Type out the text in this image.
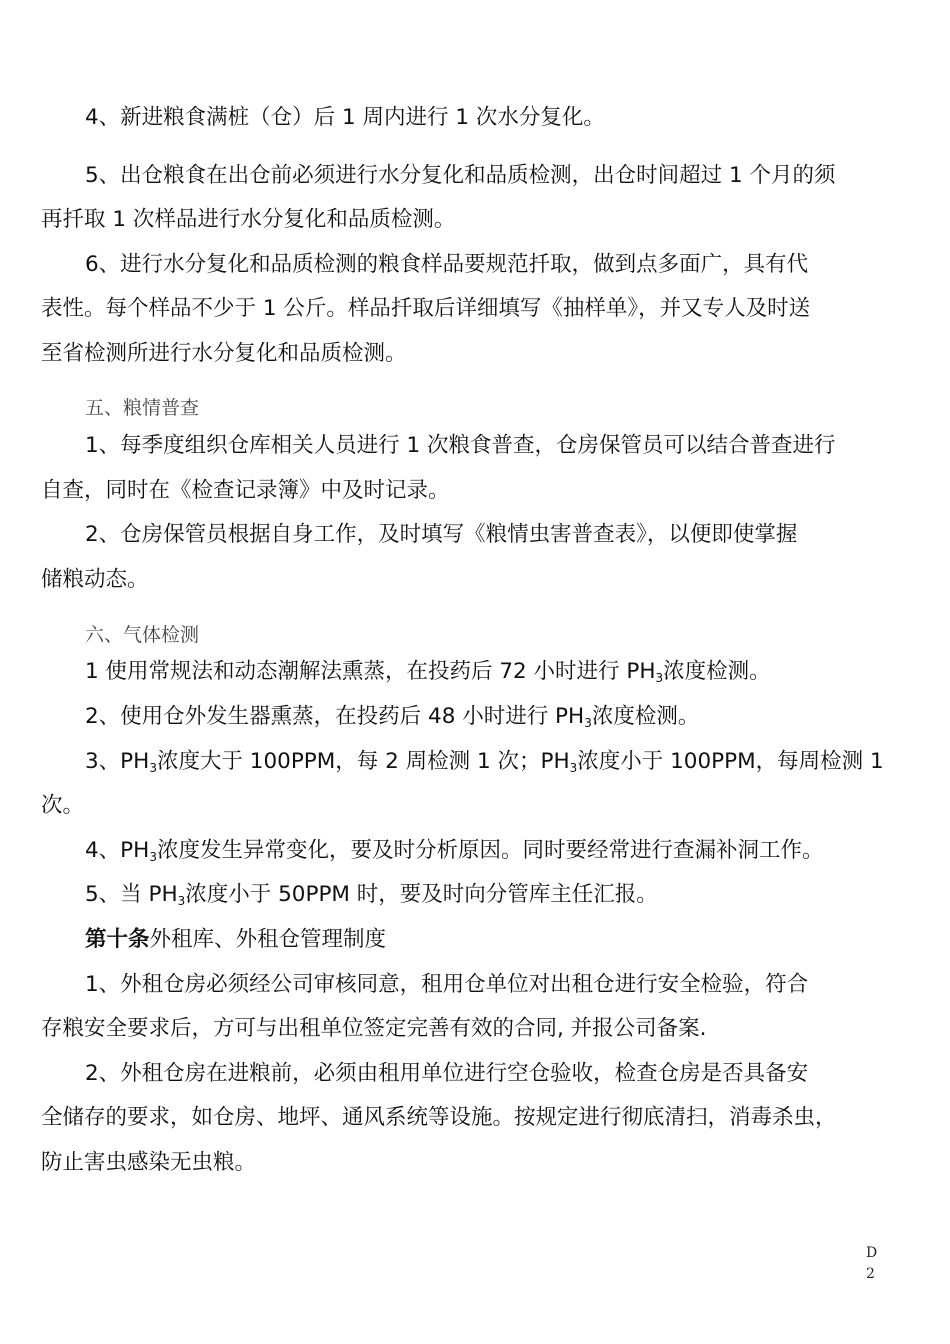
4、新进粮食满桩（仓）后 1 周内进行 1 次水分复化。
5、出仓粮食在出仓前必须进行水分复化和品质检测，出仓时间超过 1 个月的须
再扦取 1 次样品进行水分复化和品质检测。
6、进行水分复化和品质检测的粮食样品要规范扦取，做到点多面广，具有代
表性。每个样品不少于 1 公斤。样品扦取后详细填写《抽样单》，并又专人及时送
至省检测所进行水分复化和品质检测。
五、粮情普查
1、每季度组织仓库相关人员进行 1 次粮食普查，仓房保管员可以结合普查进行
自查，同时在《检查记录簿》中及时记录。
2、仓房保管员根据自身工作，及时填写《粮情虫害普查表》，以便即使掌握
储粮动态。
六、气体检测
1 使用常规法和动态潮解法熏蒸，在投药后 72 小时进行 $PH_3$浓度检测。
2、使用仓外发生器熏蒸，在投药后 48 小时进行 $PH_3$浓度检测。
3、$PH_3$浓度大于 100PPM，每 2 周检测 1 次；$PH_3$浓度小于 100PPM，每周检测 1
次。
4、$PH_3$浓度发生异常变化，要及时分析原因。同时要经常进行查漏补洞工作。
5、当 $PH_3$浓度小于 50PPM 时，要及时向分管库主任汇报。
第十条外租库、外租仓管理制度
1、外租仓房必须经公司审核同意，租用仓单位对出租仓进行安全检验，符合
存粮安全要求后，方可与出租单位签定完善有效的合同, 并报公司备案.
2、外租仓房在进粮前，必须由租用单位进行空仓验收，检查仓房是否具备安
全储存的要求，如仓房、地坪、通风系统等设施。按规定进行彻底清扫，消毒杀虫，
防止害虫感染无虫粮。
D
2
